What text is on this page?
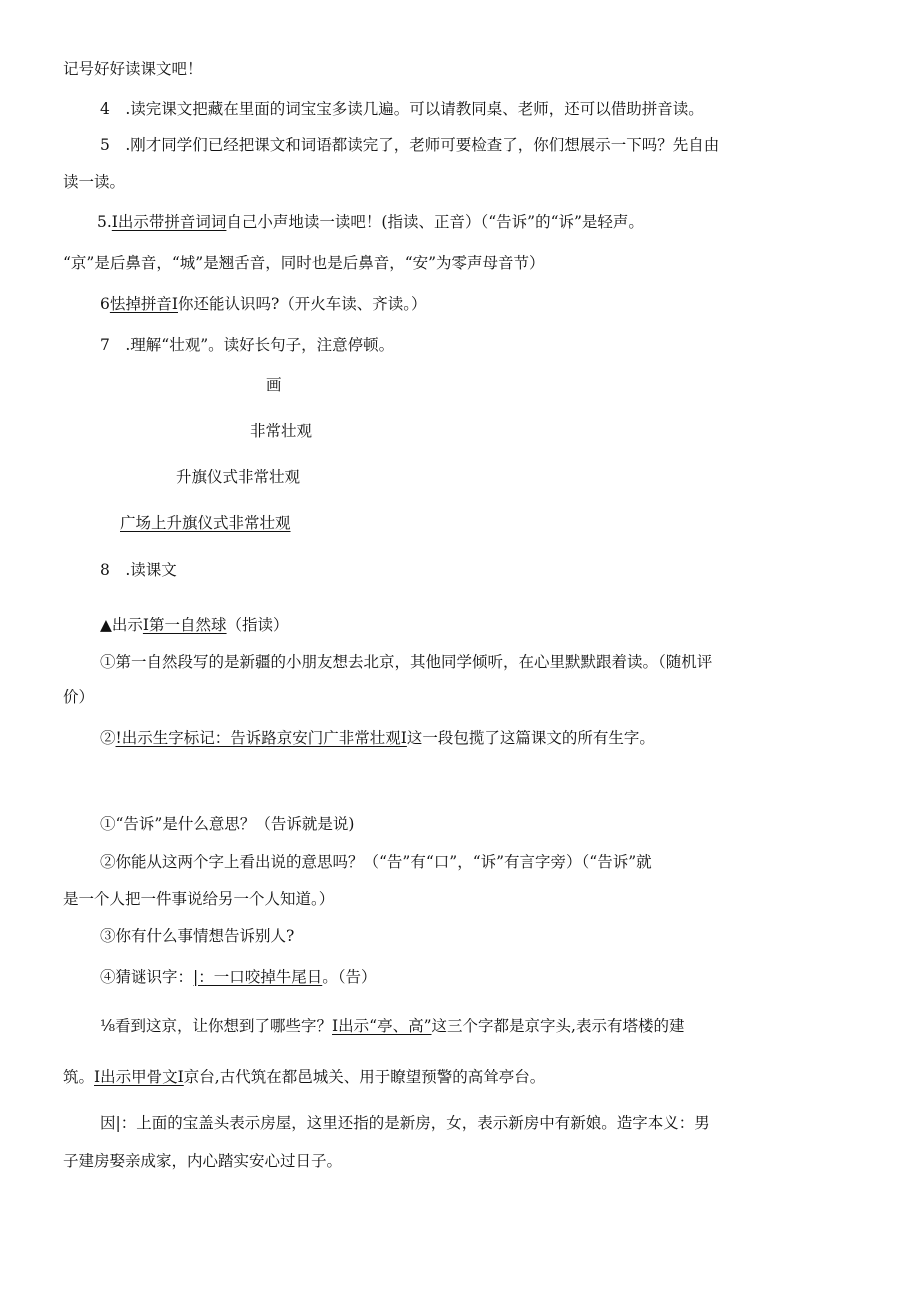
记号好好读课文吧！
4　.读完课文把藏在里面的词宝宝多读几遍。可以请教同桌、老师，还可以借助拼音读。
5　.刚才同学们已经把课文和词语都读完了，老师可要检查了，你们想展示一下吗？先自由
读一读。
5.I出示带拼音词词自己小声地读一读吧！(指读、正音）（“告诉”的“诉”是轻声。
“京”是后鼻音，“城”是翘舌音，同时也是后鼻音，“安”为零声母音节）
6怯掉拼音I你还能认识吗?（开火车读、齐读。）
7　.理解“壮观”。读好长句子，注意停顿。
画
非常壮观
升旗仪式非常壮观
广场上升旗仪式非常壮观
8　.读课文
▲出示I第一自然球（指读）
①第一自然段写的是新疆的小朋友想去北京，其他同学倾听，在心里默默跟着读。（随机评
价）
②!出示生字标记：告诉路京安门广非常壮观I这一段包揽了这篇课文的所有生字。
①“告诉”是什么意思？（告诉就是说)
②你能从这两个字上看出说的意思吗？（“告”有“口”，“诉”有言字旁）（“告诉”就
是一个人把一件事说给另一个人知道。）
③你有什么事情想告诉别人?
④猜谜识字：|：一口咬掉牛尾日。（告）
⅛看到这京，让你想到了哪些字？I出示“亭、高”这三个字都是京字头,表示有塔楼的建
筑。I出示甲骨文I京台,古代筑在都邑城关、用于瞭望预警的高耸亭台。
因|：上面的宝盖头表示房屋，这里还指的是新房，女，表示新房中有新娘。造字本义：男
子建房娶亲成家，内心踏实安心过日子。
